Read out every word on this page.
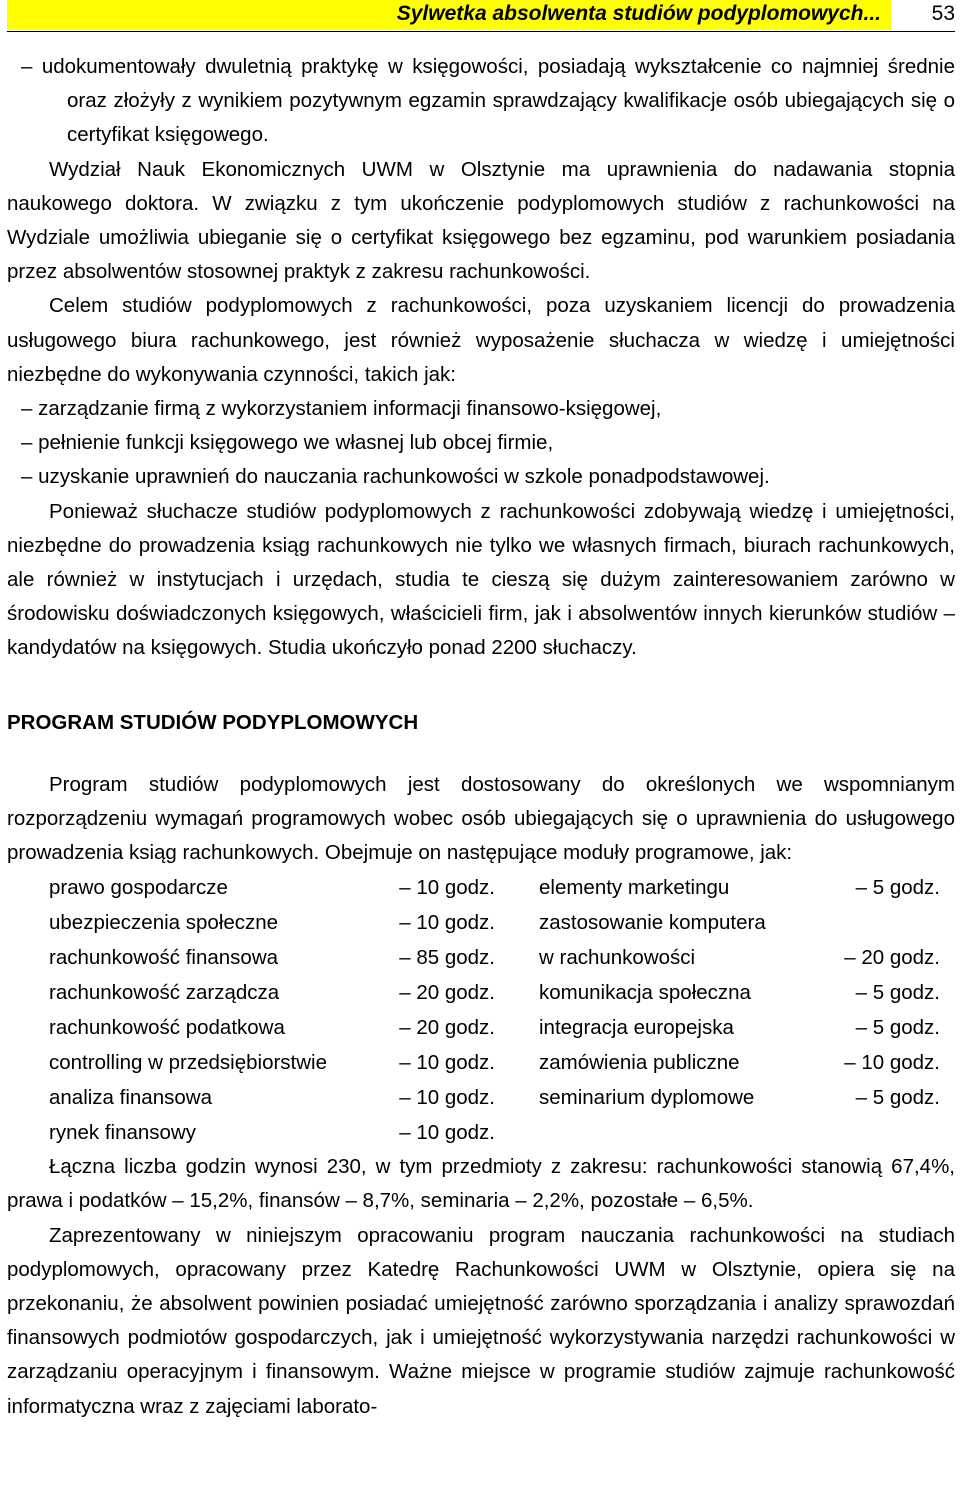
Sylwetka absolwenta studiów podyplomowych... 53

– udokumentowały dwuletnią praktykę w księgowości, posiadają wykształcenie co najmniej średnie oraz złożyły z wynikiem pozytywnym egzamin sprawdzający kwalifikacje osób ubiegających się o certyfikat księgowego.

Wydział Nauk Ekonomicznych UWM w Olsztynie ma uprawnienia do nadawania stopnia naukowego doktora. W związku z tym ukończenie podyplomowych studiów z rachunkowości na Wydziale umożliwia ubieganie się o certyfikat księgowego bez egzaminu, pod warunkiem posiadania przez absolwentów stosownej praktyk z zakresu rachunkowości.

Celem studiów podyplomowych z rachunkowości, poza uzyskaniem licencji do prowadzenia usługowego biura rachunkowego, jest również wyposażenie słuchacza w wiedzę i umiejętności niezbędne do wykonywania czynności, takich jak:

– zarządzanie firmą z wykorzystaniem informacji finansowo-księgowej,
– pełnienie funkcji księgowego we własnej lub obcej firmie,
– uzyskanie uprawnień do nauczania rachunkowości w szkole ponadpodstawowej.

Ponieważ słuchacze studiów podyplomowych z rachunkowości zdobywają wiedzę i umiejętności, niezbędne do prowadzenia ksiąg rachunkowych nie tylko we własnych firmach, biurach rachunkowych, ale również w instytucjach i urzędach, studia te cieszą się dużym zainteresowaniem zarówno w środowisku doświadczonych księgowych, właścicieli firm, jak i absolwentów innych kierunków studiów – kandydatów na księgowych. Studia ukończyło ponad 2200 słuchaczy.

PROGRAM STUDIÓW PODYPLOMOWYCH

Program studiów podyplomowych jest dostosowany do określonych we wspomnianym rozporządzeniu wymagań programowych wobec osób ubiegających się o uprawnienia do usługowego prowadzenia ksiąg rachunkowych. Obejmuje on następujące moduły programowe, jak:

prawo gospodarcze	– 10 godz. elementy marketingu	– 5 godz.
ubezpieczenia społeczne	– 10 godz. zastosowanie komputera
rachunkowość finansowa	– 85 godz. w rachunkowości	– 20 godz.
rachunkowość zarządcza	– 20 godz. komunikacja społeczna	– 5 godz.
rachunkowość podatkowa	– 20 godz. integracja europejska	– 5 godz.
controlling w przedsiębiorstwie	– 10 godz. zamówienia publiczne	– 10 godz.
analiza finansowa	– 10 godz. seminarium dyplomowe	– 5 godz.
rynek finansowy	– 10 godz.

Łączna liczba godzin wynosi 230, w tym przedmioty z zakresu: rachunkowości stanowią 67,4%, prawa i podatków – 15,2%, finansów – 8,7%, seminaria – 2,2%, pozostałe – 6,5%.

Zaprezentowany w niniejszym opracowaniu program nauczania rachunkowości na studiach podyplomowych, opracowany przez Katedrę Rachunkowości UWM w Olsztynie, opiera się na przekonaniu, że absolwent powinien posiadać umiejętność zarówno sporządzania i analizy sprawozdań finansowych podmiotów gospodarczych, jak i umiejętność wykorzystywania narzędzi rachunkowości w zarządzaniu operacyjnym i finansowym. Ważne miejsce w programie studiów zajmuje rachunkowość informatyczna wraz z zajęciami laborato-
